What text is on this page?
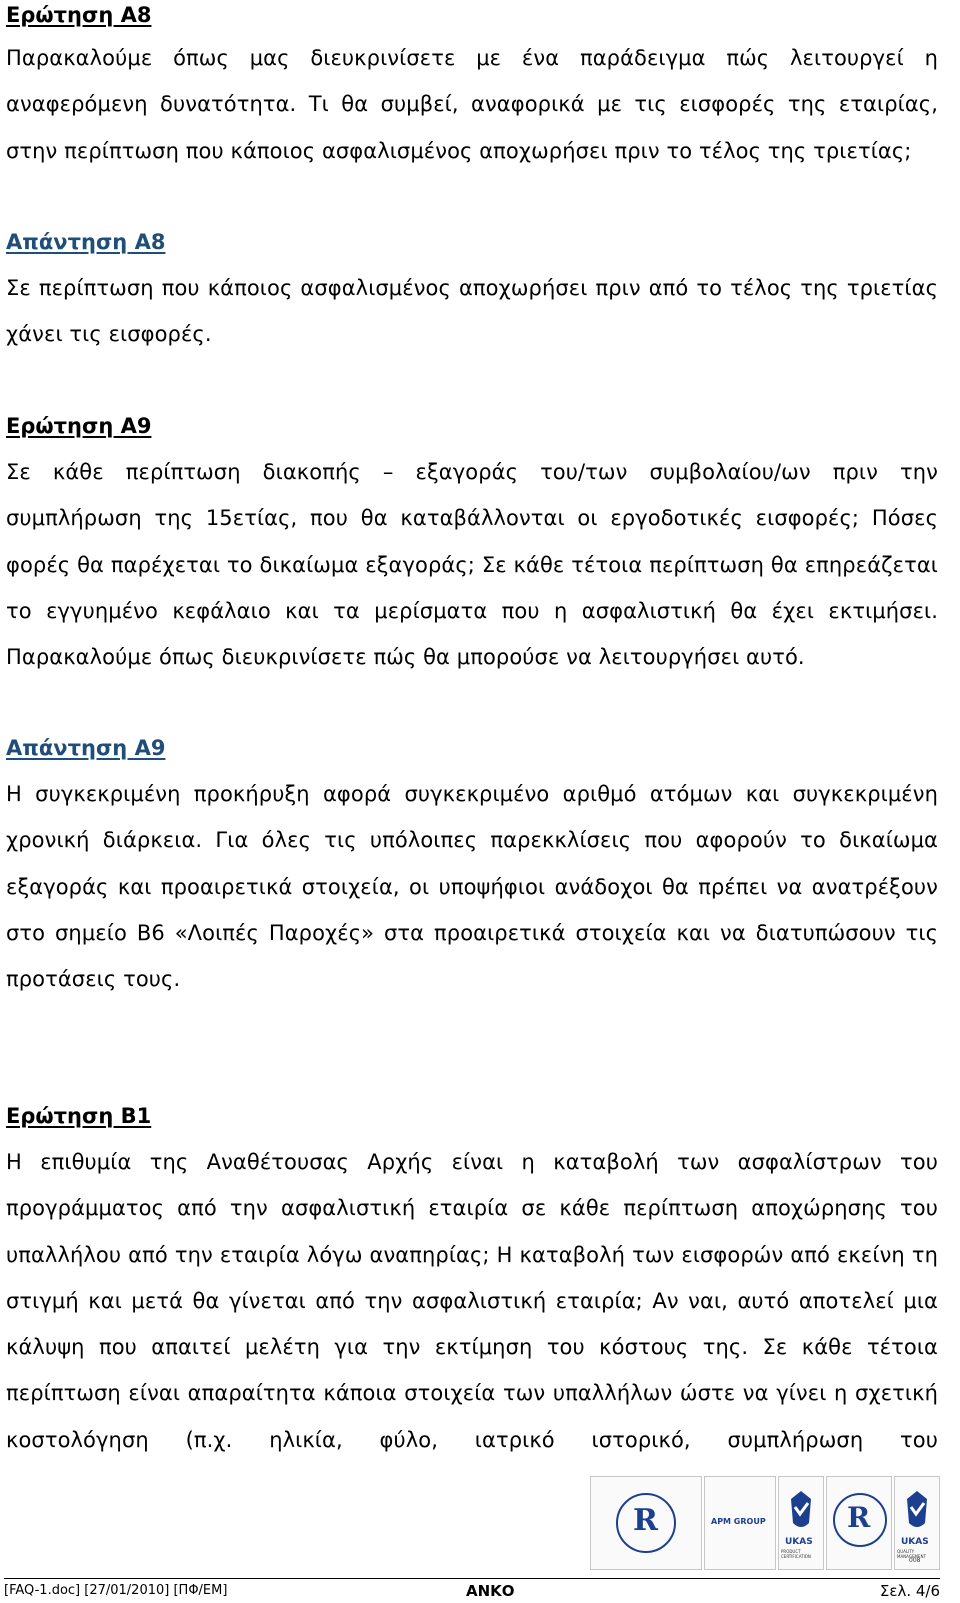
Ερώτηση Α8
Παρακαλούμε όπως μας διευκρινίσετε με ένα παράδειγμα πώς λειτουργεί η αναφερόμενη δυνατότητα. Τι θα συμβεί, αναφορικά με τις εισφορές της εταιρίας, στην περίπτωση που κάποιος ασφαλισμένος αποχωρήσει πριν το τέλος της τριετίας;
Απάντηση Α8
Σε περίπτωση που κάποιος ασφαλισμένος αποχωρήσει πριν από το τέλος της τριετίας χάνει τις εισφορές.
Ερώτηση Α9
Σε κάθε περίπτωση διακοπής – εξαγοράς του/των συμβολαίου/ων πριν την συμπλήρωση της 15ετίας, που θα καταβάλλονται οι εργοδοτικές εισφορές; Πόσες φορές θα παρέχεται το δικαίωμα εξαγοράς; Σε κάθε τέτοια περίπτωση θα επηρεάζεται το εγγυημένο κεφάλαιο και τα μερίσματα που η ασφαλιστική θα έχει εκτιμήσει. Παρακαλούμε όπως διευκρινίσετε πώς θα μπορούσε να λειτουργήσει αυτό.
Απάντηση Α9
Η συγκεκριμένη προκήρυξη αφορά συγκεκριμένο αριθμό ατόμων και συγκεκριμένη χρονική διάρκεια. Για όλες τις υπόλοιπες παρεκκλίσεις που αφορούν το δικαίωμα εξαγοράς και προαιρετικά στοιχεία, οι υποψήφιοι ανάδοχοι θα πρέπει να ανατρέξουν στο σημείο Β6 «Λοιπές Παροχές» στα προαιρετικά στοιχεία και να διατυπώσουν τις προτάσεις τους.
Ερώτηση Β1
Η επιθυμία της Αναθέτουσας Αρχής είναι η καταβολή των ασφαλίστρων του προγράμματος από την ασφαλιστική εταιρία σε κάθε περίπτωση αποχώρησης του υπαλλήλου από την εταιρία λόγω αναπηρίας; Η καταβολή των εισφορών από εκείνη τη στιγμή και μετά θα γίνεται από την ασφαλιστική εταιρία; Αν ναι, αυτό αποτελεί μια κάλυψη που απαιτεί μελέτη για την εκτίμηση του κόστους της. Σε κάθε τέτοια περίπτωση είναι απαραίτητα κάποια στοιχεία των υπαλλήλων ώστε να γίνει η σχετική κοστολόγηση (π.χ. ηλικία, φύλο, ιατρικό ιστορικό, συμπλήρωση του
R	APM GROUP
UKAS
PRODUCT CERTIFICATION
R
UKAS
QUALITY MANAGEMENT
008
[FAQ-1.doc] [27/01/2010] [ΠΦ/ΕΜ]	ΑΝΚΟ	Σελ. 4/6
